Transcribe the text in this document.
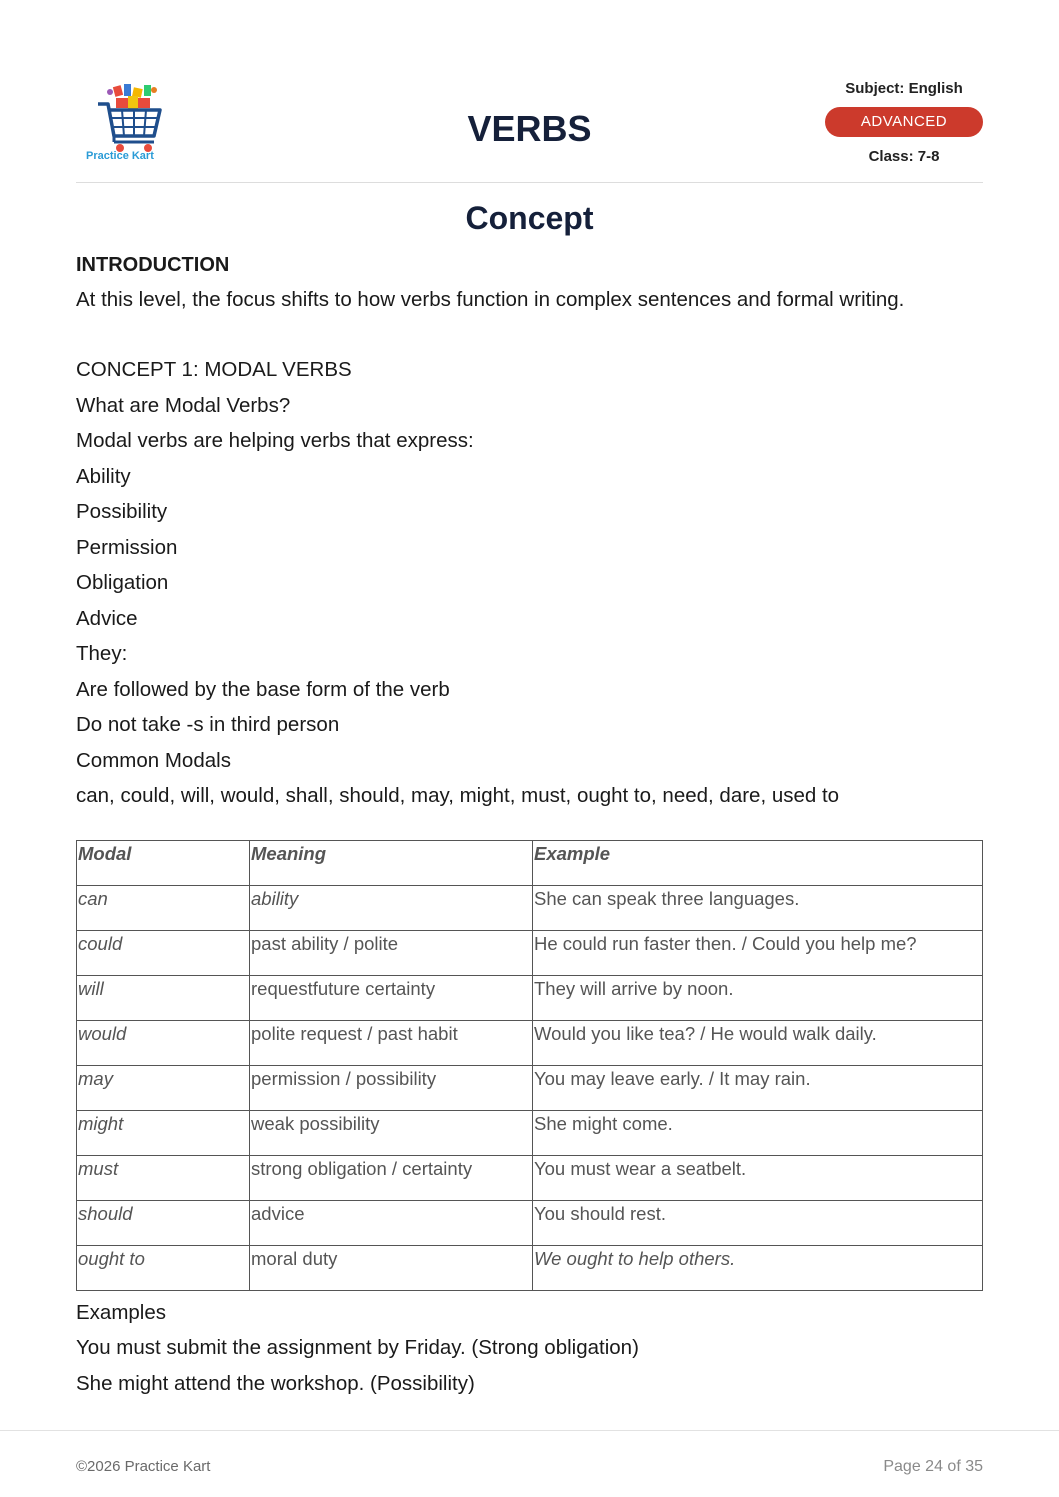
Practice Kart
VERBS
Subject: English
ADVANCED
Class: 7-8
Concept
INTRODUCTION
At this level, the focus shifts to how verbs function in complex sentences and formal writing.
CONCEPT 1: MODAL VERBS
What are Modal Verbs?
Modal verbs are helping verbs that express:
Ability
Possibility
Permission
Obligation
Advice
They:
Are followed by the base form of the verb
Do not take -s in third person
Common Modals
can, could, will, would, shall, should, may, might, must, ought to, need, dare, used to
Modal	Meaning	Example
can	ability	She can speak three languages.
could	past ability / polite	He could run faster then. / Could you help me?
will	requestfuture certainty	They will arrive by noon.
would	polite request / past habit	Would you like tea? / He would walk daily.
may	permission / possibility	You may leave early. / It may rain.
might	weak possibility	She might come.
must	strong obligation / certainty	You must wear a seatbelt.
should	advice	You should rest.
ought to	moral duty	We ought to help others.
Examples
You must submit the assignment by Friday. (Strong obligation)
She might attend the workshop. (Possibility)
©2026 Practice Kart	Page 24 of 35
